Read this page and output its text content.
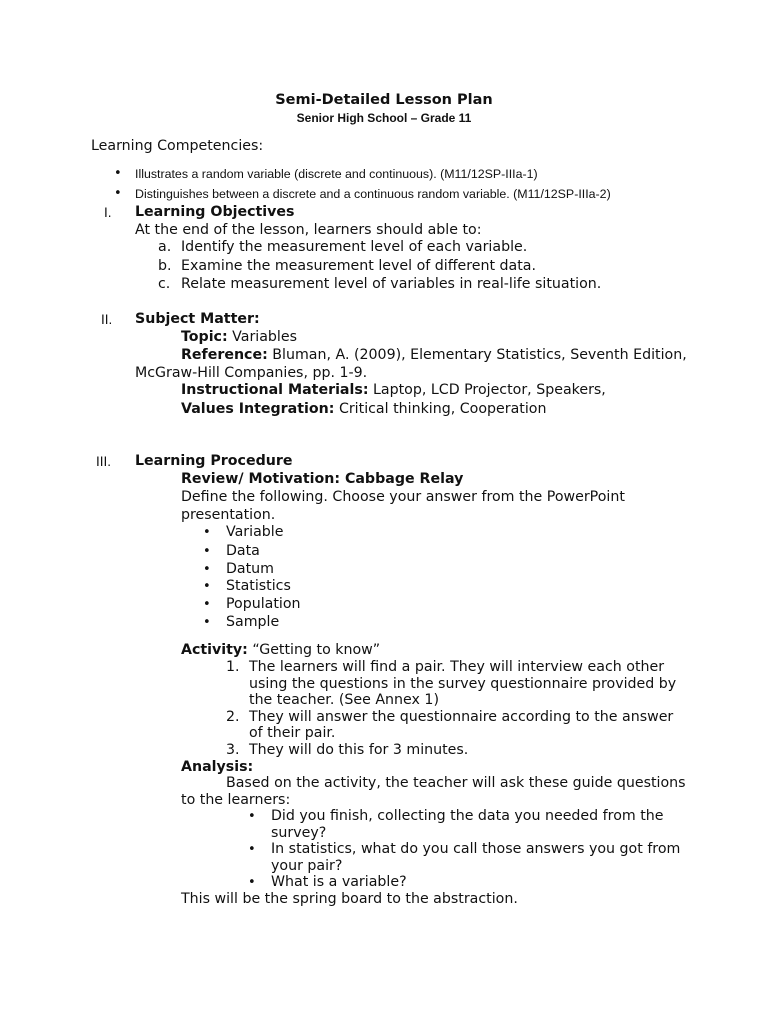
Semi-Detailed Lesson Plan
Senior High School – Grade 11
Learning Competencies:
• Illustrates a random variable (discrete and continuous). (M11/12SP-IIIa-1)
• Distinguishes between a discrete and a continuous random variable. (M11/12SP-IIIa-2)
I. Learning Objectives
At the end of the lesson, learners should able to:
a. Identify the measurement level of each variable.
b. Examine the measurement level of different data.
c. Relate measurement level of variables in real-life situation.
II. Subject Matter:
Topic: Variables
Reference: Bluman, A. (2009), Elementary Statistics, Seventh Edition,
McGraw-Hill Companies, pp. 1-9.
Instructional Materials: Laptop, LCD Projector, Speakers,
Values Integration: Critical thinking, Cooperation
III. Learning Procedure
Review/ Motivation: Cabbage Relay
Define the following. Choose your answer from the PowerPoint
presentation.
• Variable
• Data
• Datum
• Statistics
• Population
• Sample
Activity: “Getting to know”
1. The learners will find a pair. They will interview each other
using the questions in the survey questionnaire provided by
the teacher. (See Annex 1)
2. They will answer the questionnaire according to the answer
of their pair.
3. They will do this for 3 minutes.
Analysis:
Based on the activity, the teacher will ask these guide questions
to the learners:
• Did you finish, collecting the data you needed from the
survey?
• In statistics, what do you call those answers you got from
your pair?
• What is a variable?
This will be the spring board to the abstraction.
